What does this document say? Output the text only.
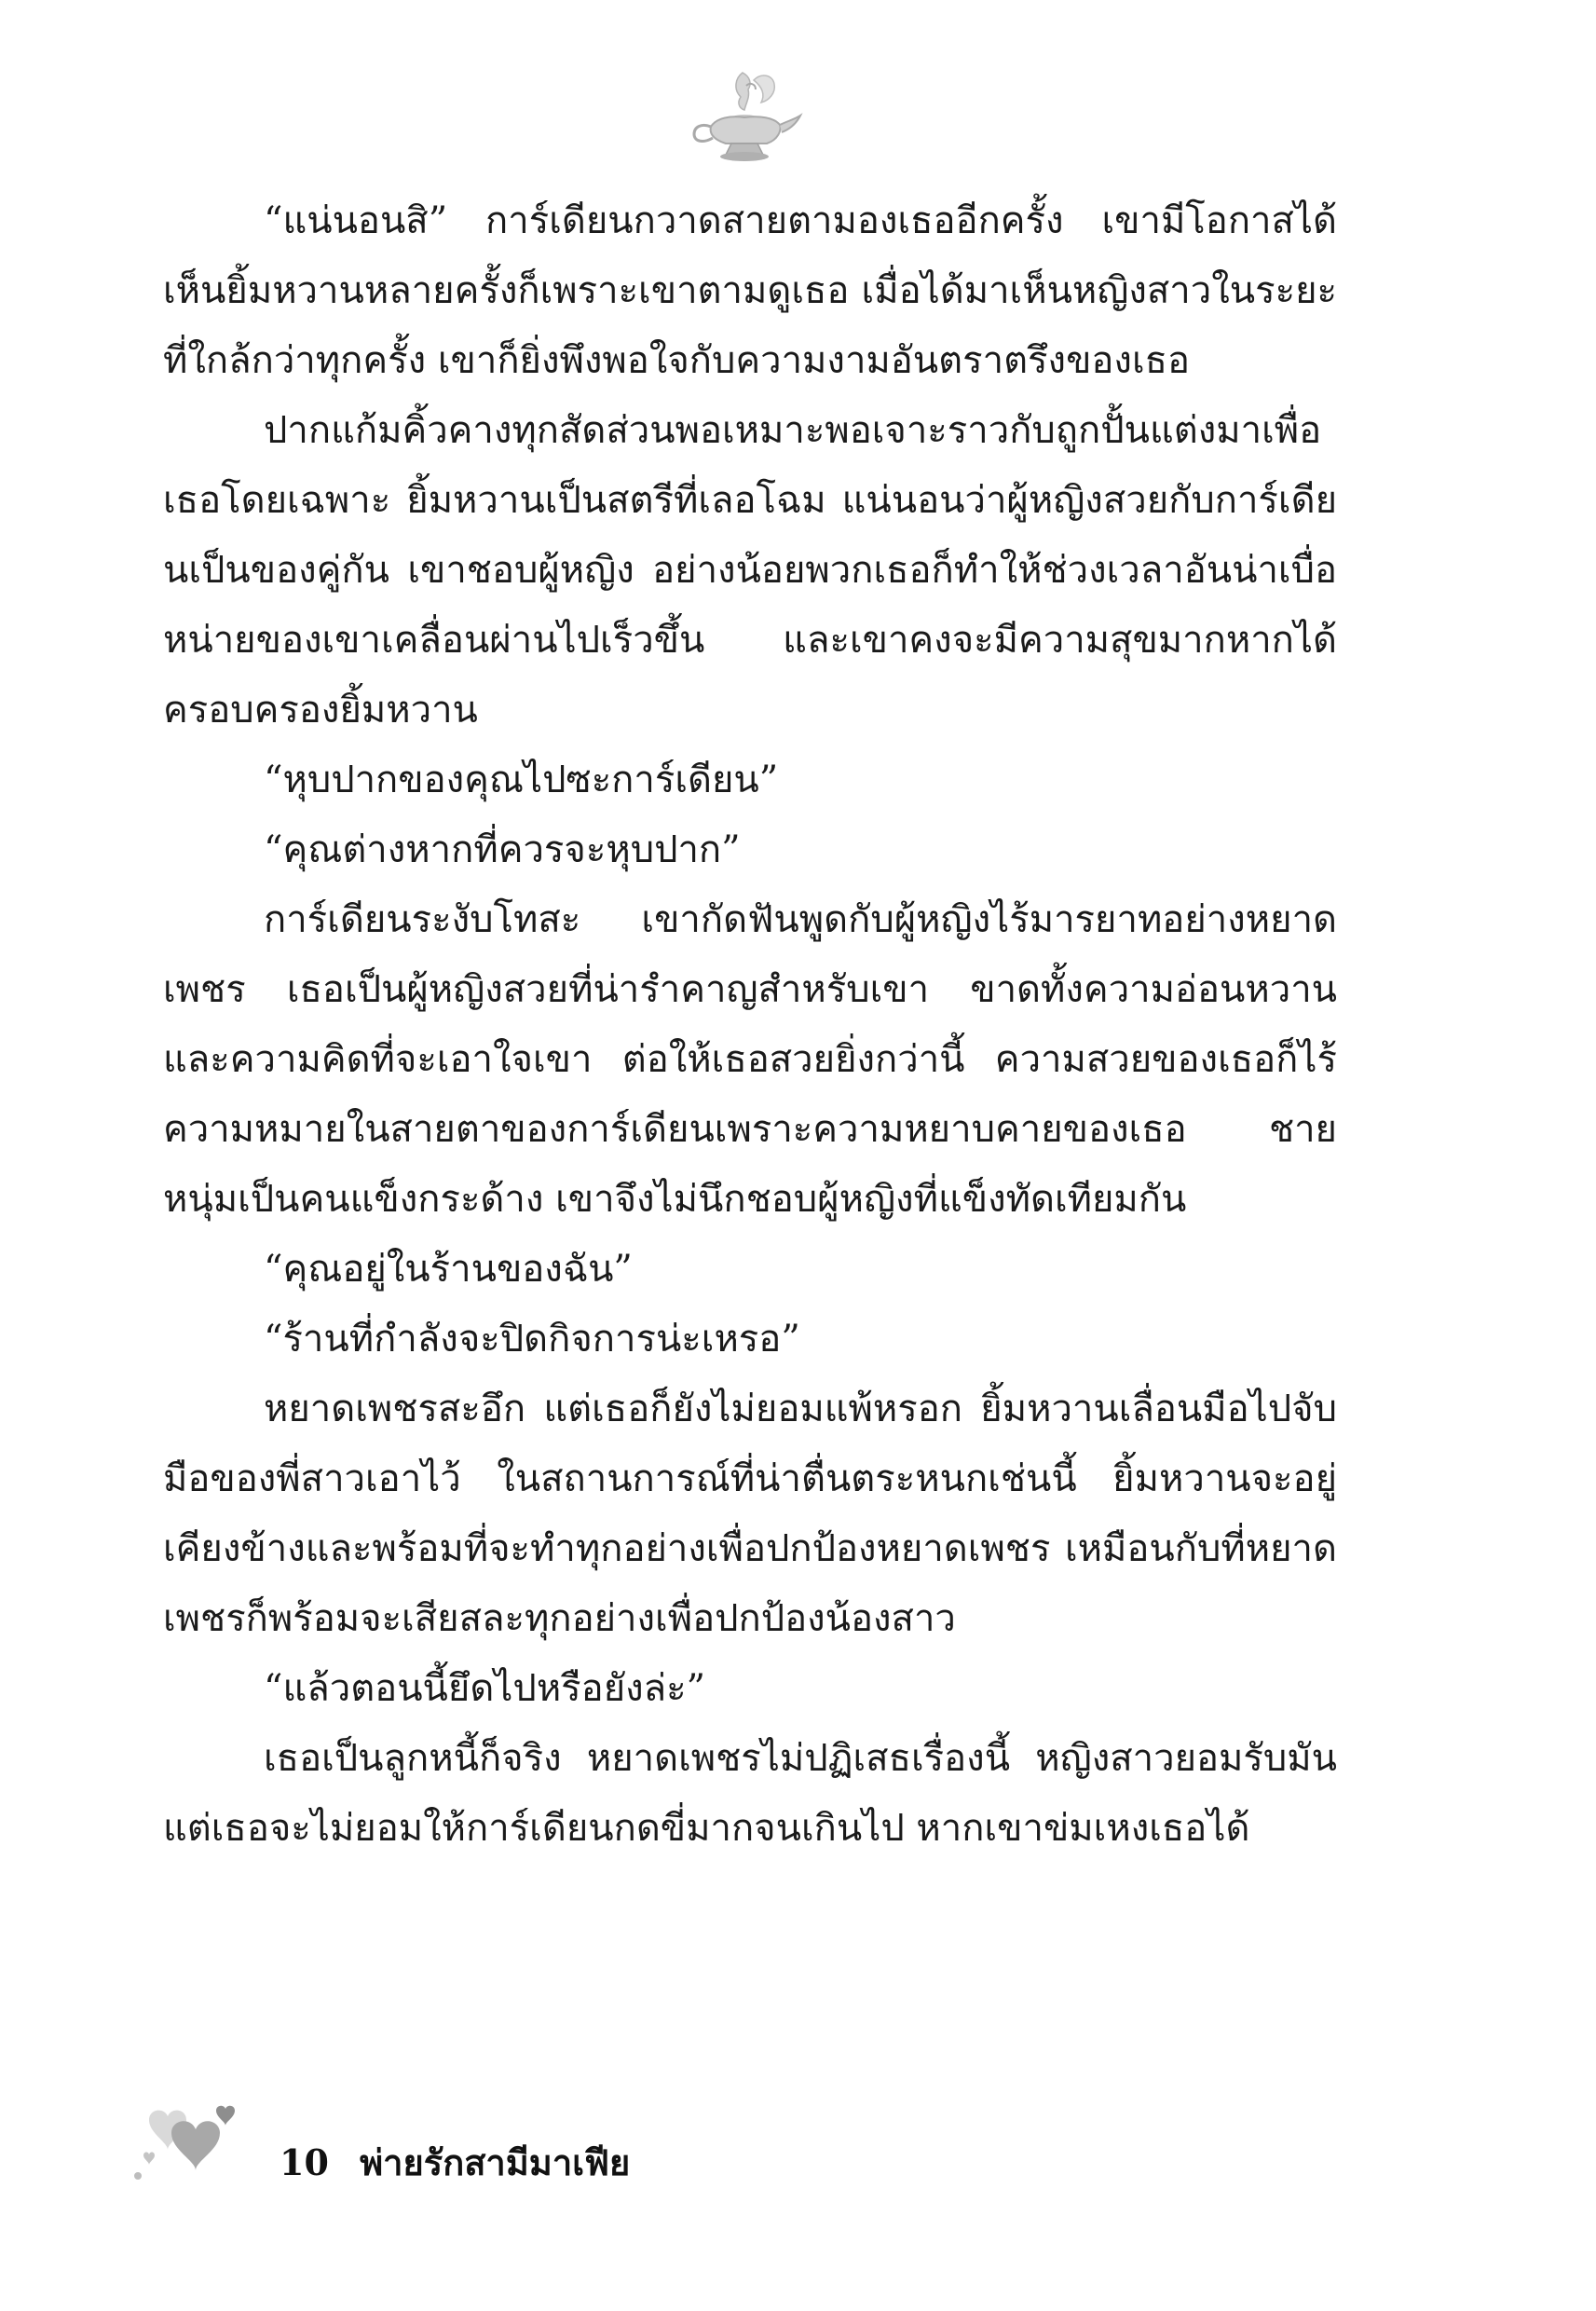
“แน่นอนสิ” การ์เดียนกวาดสายตามองเธออีกครั้ง เขามีโอกาสได้เห็นยิ้มหวานหลายครั้งก็เพราะเขาตามดูเธอ เมื่อได้มาเห็นหญิงสาวในระยะที่ใกล้กว่าทุกครั้ง เขาก็ยิ่งพึงพอใจกับความงามอันตราตรึงของเธอ

ปากแก้มคิ้วคางทุกสัดส่วนพอเหมาะพอเจาะราวกับถูกปั้นแต่งมาเพื่อเธอโดยเฉพาะ ยิ้มหวานเป็นสตรีที่เลอโฉม แน่นอนว่าผู้หญิงสวยกับการ์เดียนเป็นของคู่กัน เขาชอบผู้หญิง อย่างน้อยพวกเธอก็ทำให้ช่วงเวลาอันน่าเบื่อหน่ายของเขาเคลื่อนผ่านไปเร็วขึ้น และเขาคงจะมีความสุขมากหากได้ครอบครองยิ้มหวาน

“หุบปากของคุณไปซะการ์เดียน”

“คุณต่างหากที่ควรจะหุบปาก”

การ์เดียนระงับโทสะ เขากัดฟันพูดกับผู้หญิงไร้มารยาทอย่างหยาดเพชร เธอเป็นผู้หญิงสวยที่น่ารำคาญสำหรับเขา ขาดทั้งความอ่อนหวานและความคิดที่จะเอาใจเขา ต่อให้เธอสวยยิ่งกว่านี้ ความสวยของเธอก็ไร้ความหมายในสายตาของการ์เดียนเพราะความหยาบคายของเธอ ชายหนุ่มเป็นคนแข็งกระด้าง เขาจึงไม่นึกชอบผู้หญิงที่แข็งทัดเทียมกัน

“คุณอยู่ในร้านของฉัน”

“ร้านที่กำลังจะปิดกิจการน่ะเหรอ”

หยาดเพชรสะอึก แต่เธอก็ยังไม่ยอมแพ้หรอก ยิ้มหวานเลื่อนมือไปจับมือของพี่สาวเอาไว้ ในสถานการณ์ที่น่าตื่นตระหนกเช่นนี้ ยิ้มหวานจะอยู่เคียงข้างและพร้อมที่จะทำทุกอย่างเพื่อปกป้องหยาดเพชร เหมือนกับที่หยาดเพชรก็พร้อมจะเสียสละทุกอย่างเพื่อปกป้องน้องสาว

“แล้วตอนนี้ยึดไปหรือยังล่ะ”

เธอเป็นลูกหนี้ก็จริง หยาดเพชรไม่ปฏิเสธเรื่องนี้ หญิงสาวยอมรับมัน แต่เธอจะไม่ยอมให้การ์เดียนกดขี่มากจนเกินไป หากเขาข่มเหงเธอได้

10 พ่ายรักสามีมาเฟีย
